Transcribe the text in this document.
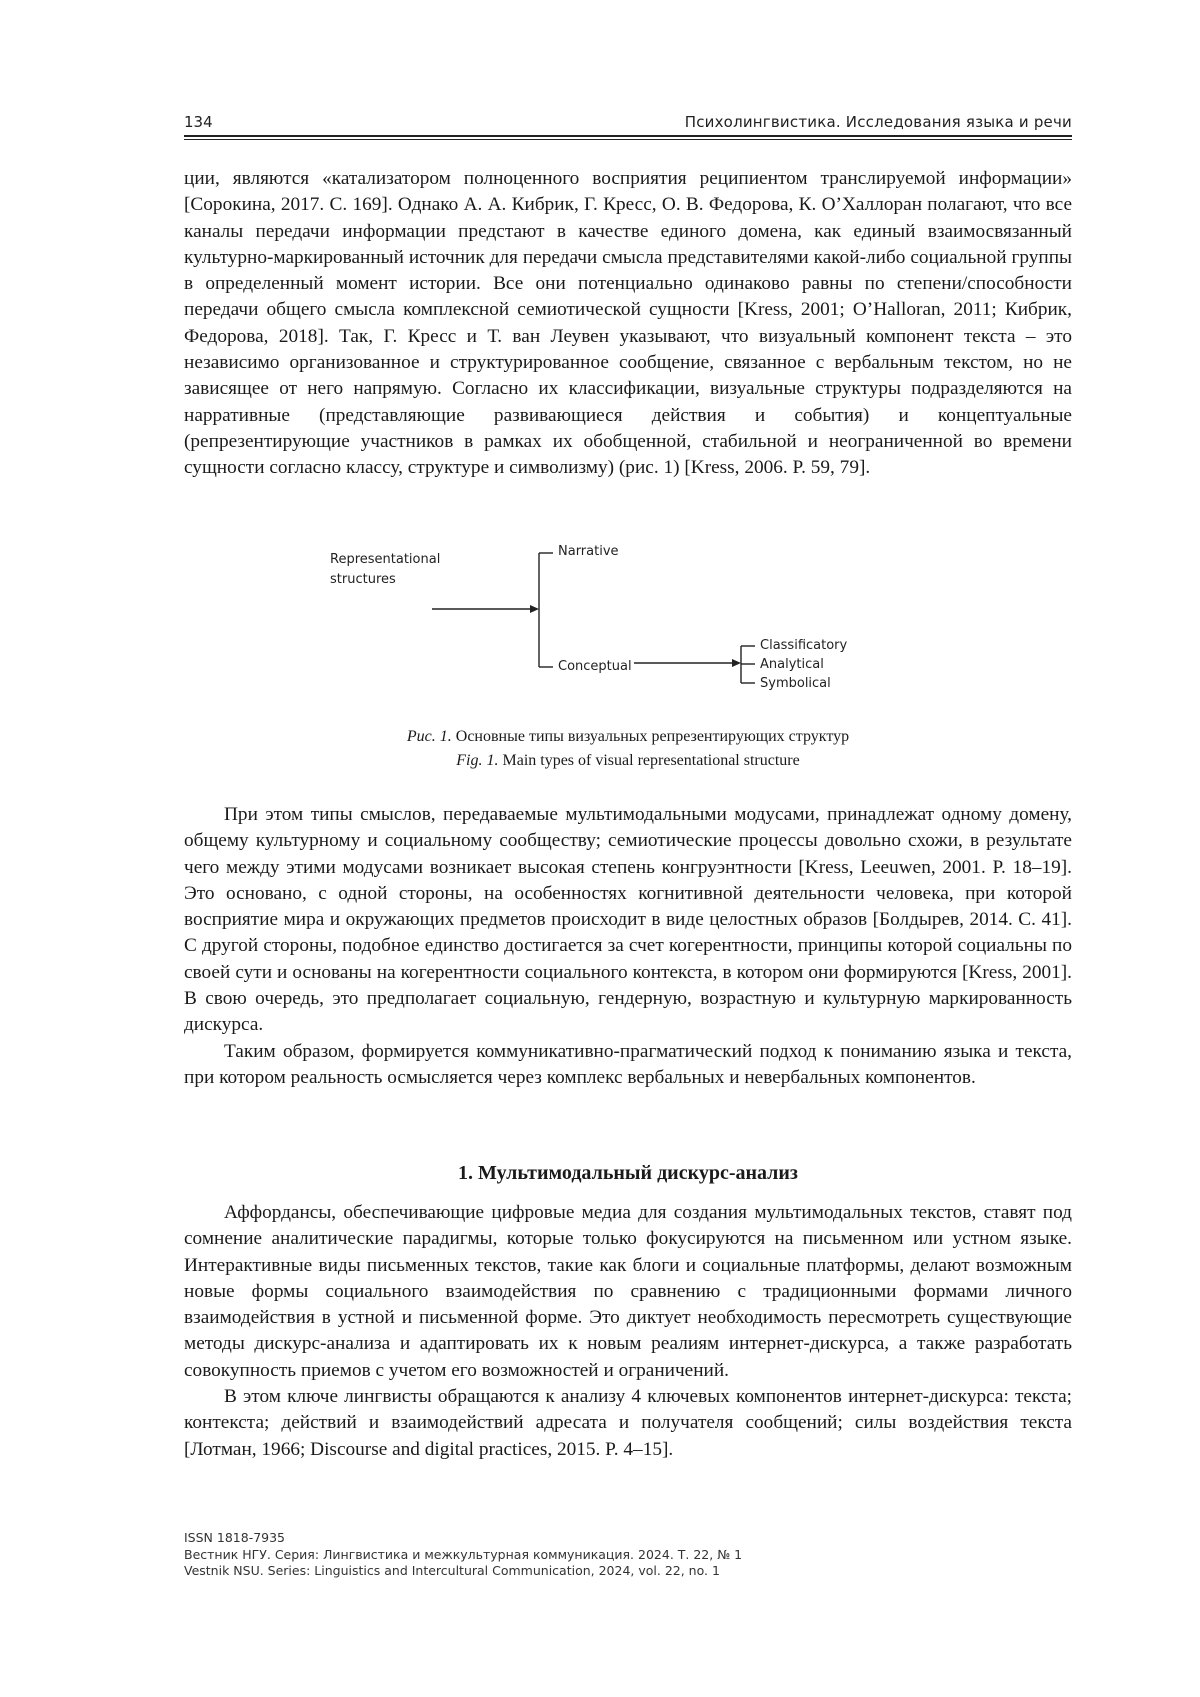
134	Психолингвистика. Исследования языка и речи

ции, являются «катализатором полноценного восприятия реципиентом транслируемой информации» [Сорокина, 2017. С. 169]. Однако А. А. Кибрик, Г. Кресс, О. В. Федорова, К. О’Халлоран полагают, что все каналы передачи информации предстают в качестве единого домена, как единый взаимосвязанный культурно-маркированный источник для передачи смысла представителями какой-либо социальной группы в определенный момент истории. Все они потенциально одинаково равны по степени/способности передачи общего смысла комплексной семиотической сущности [Kress, 2001; O’Halloran, 2011; Кибрик, Федорова, 2018]. Так, Г. Кресс и Т. ван Леувен указывают, что визуальный компонент текста – это независимо организованное и структурированное сообщение, связанное с вербальным текстом, но не зависящее от него напрямую. Согласно их классификации, визуальные структуры подразделяются на нарративные (представляющие развивающиеся действия и события) и концептуальные (репрезентирующие участников в рамках их обобщенной, стабильной и неограниченной во времени сущности согласно классу, структуре и символизму) (рис. 1) [Kress, 2006. P. 59, 79].

Representational
structures
Narrative
Conceptual
Classificatory
Analytical
Symbolical
Рис. 1. Основные типы визуальных репрезентирующих структур
Fig. 1. Main types of visual representational structure

При этом типы смыслов, передаваемые мультимодальными модусами, принадлежат одному домену, общему культурному и социальному сообществу; семиотические процессы довольно схожи, в результате чего между этими модусами возникает высокая степень конгруэнтности [Kress, Leeuwen, 2001. P. 18–19]. Это основано, с одной стороны, на особенностях когнитивной деятельности человека, при которой восприятие мира и окружающих предметов происходит в виде целостных образов [Болдырев, 2014. С. 41]. С другой стороны, подобное единство достигается за счет когерентности, принципы которой социальны по своей сути и основаны на когерентности социального контекста, в котором они формируются [Kress, 2001]. В свою очередь, это предполагает социальную, гендерную, возрастную и культурную маркированность дискурса.

Таким образом, формируется коммуникативно-прагматический подход к пониманию языка и текста, при котором реальность осмысляется через комплекс вербальных и невербальных компонентов.

1. Мультимодальный дискурс-анализ

Аффордансы, обеспечивающие цифровые медиа для создания мультимодальных текстов, ставят под сомнение аналитические парадигмы, которые только фокусируются на письменном или устном языке. Интерактивные виды письменных текстов, такие как блоги и социальные платформы, делают возможным новые формы социального взаимодействия по сравнению с традиционными формами личного взаимодействия в устной и письменной форме. Это диктует необходимость пересмотреть существующие методы дискурс-анализа и адаптировать их к новым реалиям интернет-дискурса, а также разработать совокупность приемов с учетом его возможностей и ограничений.

В этом ключе лингвисты обращаются к анализу 4 ключевых компонентов интернет-дискурса: текста; контекста; действий и взаимодействий адресата и получателя сообщений; силы воздействия текста [Лотман, 1966; Discourse and digital practices, 2015. P. 4–15].

ISSN 1818-7935
Вестник НГУ. Серия: Лингвистика и межкультурная коммуникация. 2024. Т. 22, № 1
Vestnik NSU. Series: Linguistics and Intercultural Communication, 2024, vol. 22, no. 1
